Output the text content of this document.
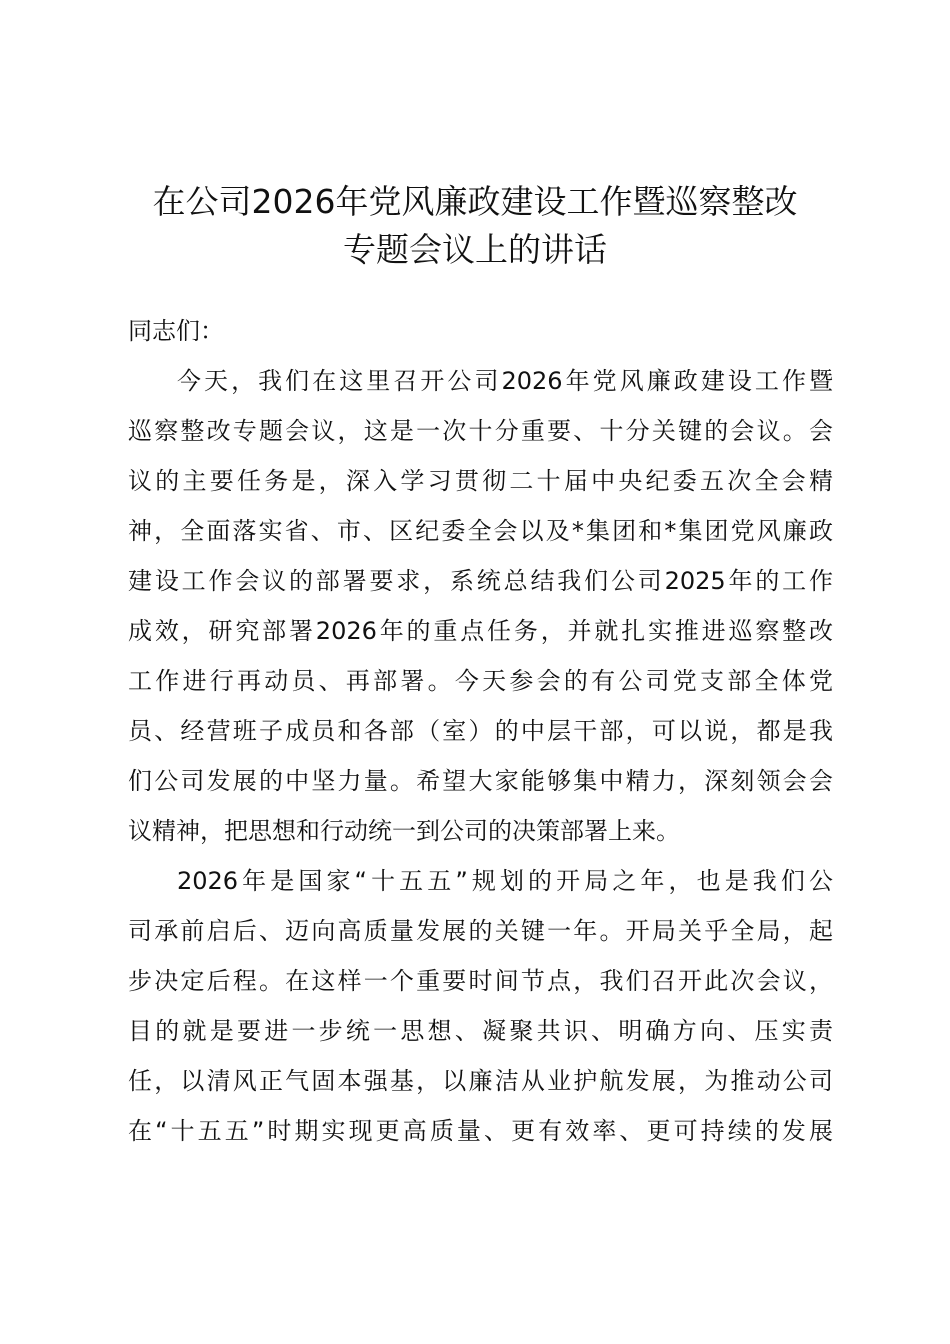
在公司2026年党风廉政建设工作暨巡察整改
专题会议上的讲话
同志们：
今天，我们在这里召开公司2026年党风廉政建设工作暨
巡察整改专题会议，这是一次十分重要、十分关键的会议。会
议的主要任务是，深入学习贯彻二十届中央纪委五次全会精
神，全面落实省、市、区纪委全会以及*集团和*集团党风廉政
建设工作会议的部署要求，系统总结我们公司2025年的工作
成效，研究部署2026年的重点任务，并就扎实推进巡察整改
工作进行再动员、再部署。今天参会的有公司党支部全体党
员、经营班子成员和各部（室）的中层干部，可以说，都是我
们公司发展的中坚力量。希望大家能够集中精力，深刻领会会
议精神，把思想和行动统一到公司的决策部署上来。
2026年是国家“十五五”规划的开局之年，也是我们公
司承前启后、迈向高质量发展的关键一年。开局关乎全局，起
步决定后程。在这样一个重要时间节点，我们召开此次会议，
目的就是要进一步统一思想、凝聚共识、明确方向、压实责
任，以清风正气固本强基，以廉洁从业护航发展，为推动公司
在“十五五”时期实现更高质量、更有效率、更可持续的发展
